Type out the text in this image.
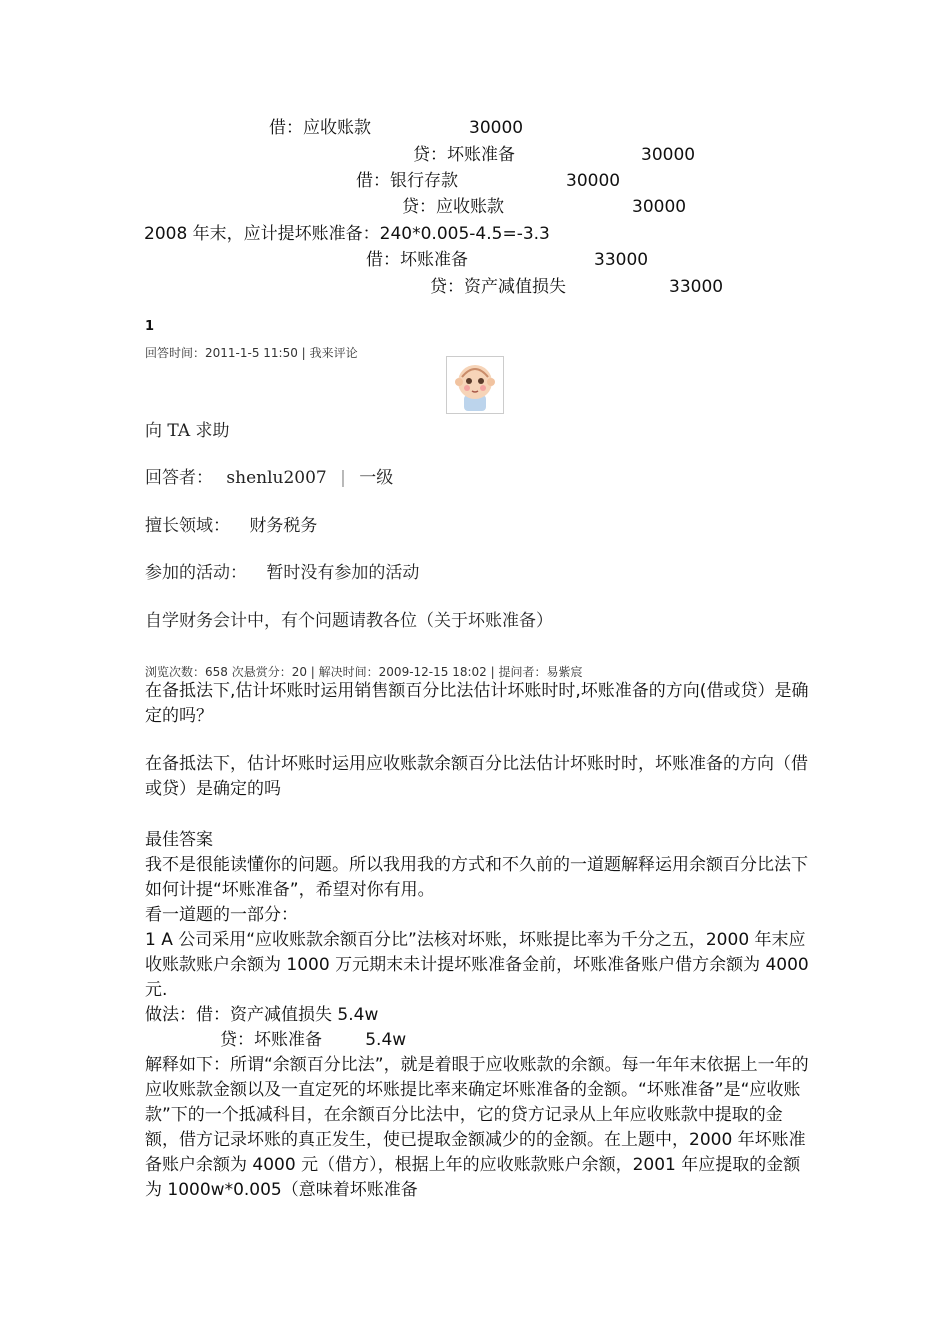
借：应收账款	30000
贷：坏账准备	30000
借：银行存款	30000
贷：应收账款	30000
2008 年末，应计提坏账准备：240*0.005-4.5=-3.3
借：坏账准备	33000
贷：资产减值损失	33000
1
回答时间：2011-1-5 11:50 | 我来评论
向 TA 求助
回答者： shenlu2007 | 一级
擅长领域： 财务税务
参加的活动： 暂时没有参加的活动
自学财务会计中，有个问题请教各位（关于坏账准备）
浏览次数：658 次悬赏分：20 | 解决时间：2009-12-15 18:02 | 提问者：易紫宸

在备抵法下,估计坏账时运用销售额百分比法估计坏账时时,坏账准备的方向(借或贷）是确定的吗？

在备抵法下，估计坏账时运用应收账款余额百分比法估计坏账时时，坏账准备的方向（借或贷）是确定的吗

最佳答案

我不是很能读懂你的问题。所以我用我的方式和不久前的一道题解释运用余额百分比法下如何计提“坏账准备”，希望对你有用。

看一道题的一部分：

1 A 公司采用“应收账款余额百分比”法核对坏账，坏账提比率为千分之五，2000 年末应收账款账户余额为 1000 万元期末未计提坏账准备金前，坏账准备账户借方余额为 4000 元.

做法：借：资产减值损失 5.4w

贷：坏账准备        5.4w

解释如下：所谓“余额百分比法”，就是着眼于应收账款的余额。每一年年末依据上一年的应收账款金额以及一直定死的坏账提比率来确定坏账准备的金额。“坏账准备”是“应收账款”下的一个抵减科目，在余额百分比法中，它的贷方记录从上年应收账款中提取的金额，借方记录坏账的真正发生，使已提取金额减少的的金额。在上题中，2000 年坏账准备账户余额为 4000 元（借方），根据上年的应收账款账户余额，2001 年应提取的金额为 1000w*0.005（意味着坏账准备
